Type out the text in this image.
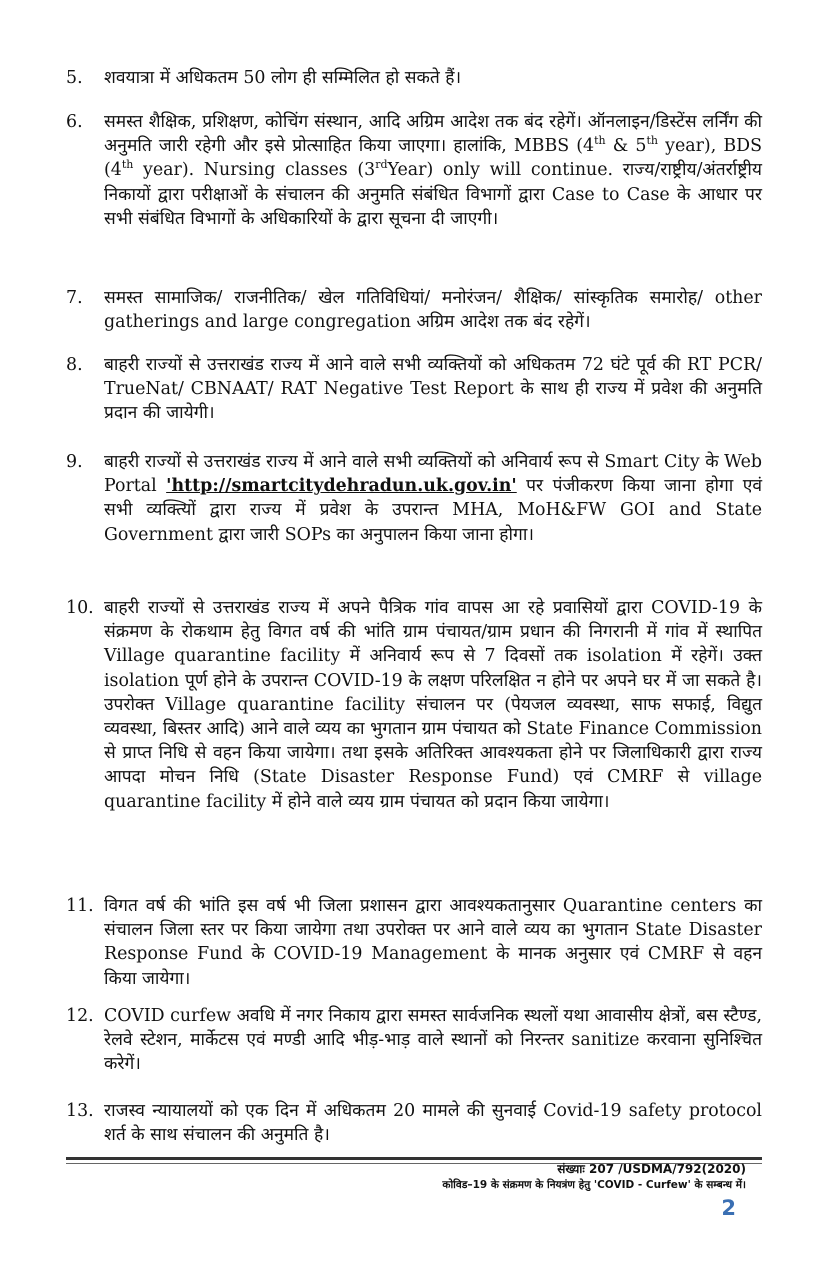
5. शवयात्रा में अधिकतम 50 लोग ही सम्मिलित हो सकते हैं।
6. समस्त शैक्षिक, प्रशिक्षण, कोचिंग संस्थान, आदि अग्रिम आदेश तक बंद रहेगें। ऑनलाइन/डिस्टेंस लर्निंग की अनुमति जारी रहेगी और इसे प्रोत्साहित किया जाएगा। हालांकि, MBBS (4th & 5th year), BDS (4th year). Nursing classes (3rdYear) only will continue. राज्य/राष्ट्रीय/अंतर्राष्ट्रीय निकायों द्वारा परीक्षाओं के संचालन की अनुमति संबंधित विभागों द्वारा Case to Case के आधार पर सभी संबंधित विभागों के अधिकारियों के द्वारा सूचना दी जाएगी।
7. समस्त सामाजिक/ राजनीतिक/ खेल गतिविधियां/ मनोरंजन/ शैक्षिक/ सांस्कृतिक समारोह/ other gatherings and large congregation अग्रिम आदेश तक बंद रहेगें।
8. बाहरी राज्यों से उत्तराखंड राज्य में आने वाले सभी व्यक्तियों को अधिकतम 72 घंटे पूर्व की RT PCR/ TrueNat/ CBNAAT/ RAT Negative Test Report के साथ ही राज्य में प्रवेश की अनुमति प्रदान की जायेगी।
9. बाहरी राज्यों से उत्तराखंड राज्य में आने वाले सभी व्यक्तियों को अनिवार्य रूप से Smart City के Web Portal 'http://smartcitydehradun.uk.gov.in' पर पंजीकरण किया जाना होगा एवं सभी व्यक्त्यिों द्वारा राज्य में प्रवेश के उपरान्त MHA, MoH&FW GOI and State Government द्वारा जारी SOPs का अनुपालन किया जाना होगा।
10. बाहरी राज्यों से उत्तराखंड राज्य में अपने पैत्रिक गांव वापस आ रहे प्रवासियों द्वारा COVID-19 के संक्रमण के रोकथाम हेतु विगत वर्ष की भांति ग्राम पंचायत/ग्राम प्रधान की निगरानी में गांव में स्थापित Village quarantine facility में अनिवार्य रूप से 7 दिवसों तक isolation में रहेगें। उक्त isolation पूर्ण होने के उपरान्त COVID-19 के लक्षण परिलक्षित न होने पर अपने घर में जा सकते है। उपरोक्त Village quarantine facility संचालन पर (पेयजल व्यवस्था, साफ सफाई, विद्युत व्यवस्था, बिस्तर आदि) आने वाले व्यय का भुगतान ग्राम पंचायत को State Finance Commission से प्राप्त निधि से वहन किया जायेगा। तथा इसके अतिरिक्त आवश्यकता होने पर जिलाधिकारी द्वारा राज्य आपदा मोचन निधि (State Disaster Response Fund) एवं CMRF से village quarantine facility में होने वाले व्यय ग्राम पंचायत को प्रदान किया जायेगा।
11. विगत वर्ष की भांति इस वर्ष भी जिला प्रशासन द्वारा आवश्यकतानुसार Quarantine centers का संचालन जिला स्तर पर किया जायेगा तथा उपरोक्त पर आने वाले व्यय का भुगतान State Disaster Response Fund के COVID-19 Management के मानक अनुसार एवं CMRF से वहन किया जायेगा।
12. COVID curfew अवधि में नगर निकाय द्वारा समस्त सार्वजनिक स्थलों यथा आवासीय क्षेत्रों, बस स्टैण्ड, रेलवे स्टेशन, मार्केटस एवं मण्डी आदि भीड़-भाड़ वाले स्थानों को निरन्तर sanitize करवाना सुनिश्चित करेगें।
13. राजस्व न्यायालयों को एक दिन में अधिकतम 20 मामले की सुनवाई Covid-19 safety protocol शर्त के साथ संचालन की अनुमति है।
संख्याः 207 /USDMA/792(2020)
कोविड–19 के संक्रमण के नियत्रंण हेतु 'COVID - Curfew' के सम्बन्ध में।
2
